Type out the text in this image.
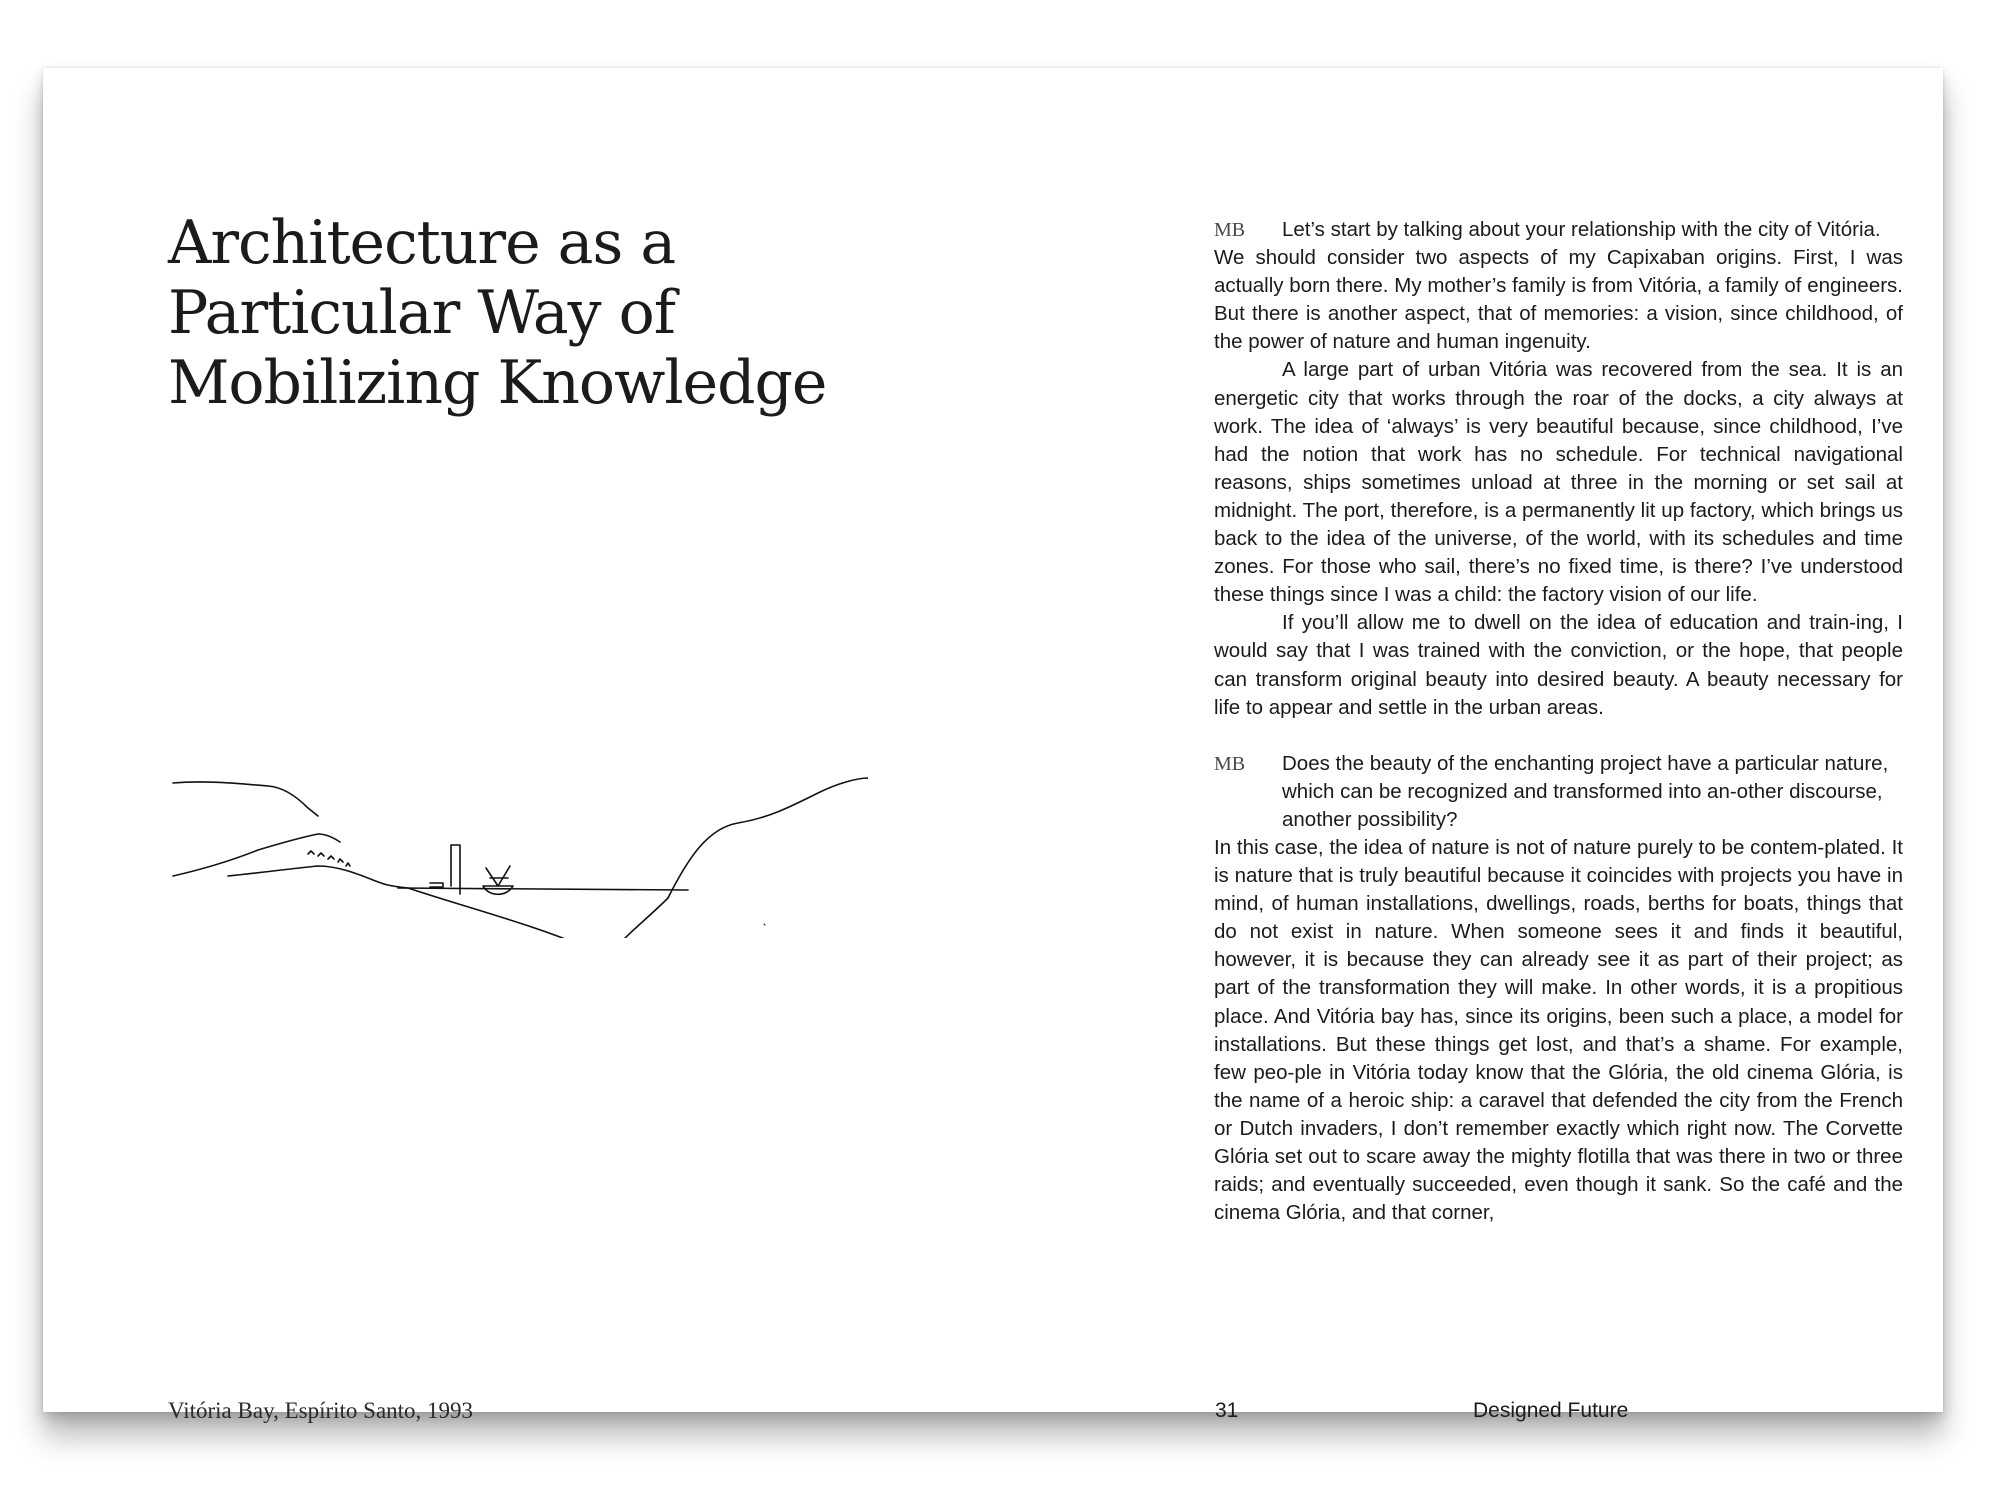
Architecture as a
Particular Way of
Mobilizing Knowledge
Vitória Bay, Espírito Santo, 1993
MB Let’s start by talking about your relationship with the city of Vitória.

We should consider two aspects of my Capixaban origins. First, I was actually born there. My mother’s family is from Vitória, a family of engineers. But there is another aspect, that of memories: a vision, since childhood, of the power of nature and human ingenuity.

A large part of urban Vitória was recovered from the sea. It is an energetic city that works through the roar of the docks, a city always at work. The idea of ‘always’ is very beautiful because, since childhood, I’ve had the notion that work has no schedule. For technical navigational reasons, ships sometimes unload at three in the morning or set sail at midnight. The port, therefore, is a permanently lit up factory, which brings us back to the idea of the universe, of the world, with its schedules and time zones. For those who sail, there’s no fixed time, is there? I’ve understood these things since I was a child: the factory vision of our life.

If you’ll allow me to dwell on the idea of education and train-ing, I would say that I was trained with the conviction, or the hope, that people can transform original beauty into desired beauty. A beauty necessary for life to appear and settle in the urban areas.

MB Does the beauty of the enchanting project have a particular nature, which can be recognized and transformed into an-other discourse, another possibility?

In this case, the idea of nature is not of nature purely to be contem-plated. It is nature that is truly beautiful because it coincides with projects you have in mind, of human installations, dwellings, roads, berths for boats, things that do not exist in nature. When someone sees it and finds it beautiful, however, it is because they can already see it as part of their project; as part of the transformation they will make. In other words, it is a propitious place. And Vitória bay has, since its origins, been such a place, a model for installations. But these things get lost, and that’s a shame. For example, few peo-ple in Vitória today know that the Glória, the old cinema Glória, is the name of a heroic ship: a caravel that defended the city from the French or Dutch invaders, I don’t remember exactly which right now. The Corvette Glória set out to scare away the mighty flotilla that was there in two or three raids; and eventually succeeded, even though it sank. So the café and the cinema Glória, and that corner,

31	Designed Future
